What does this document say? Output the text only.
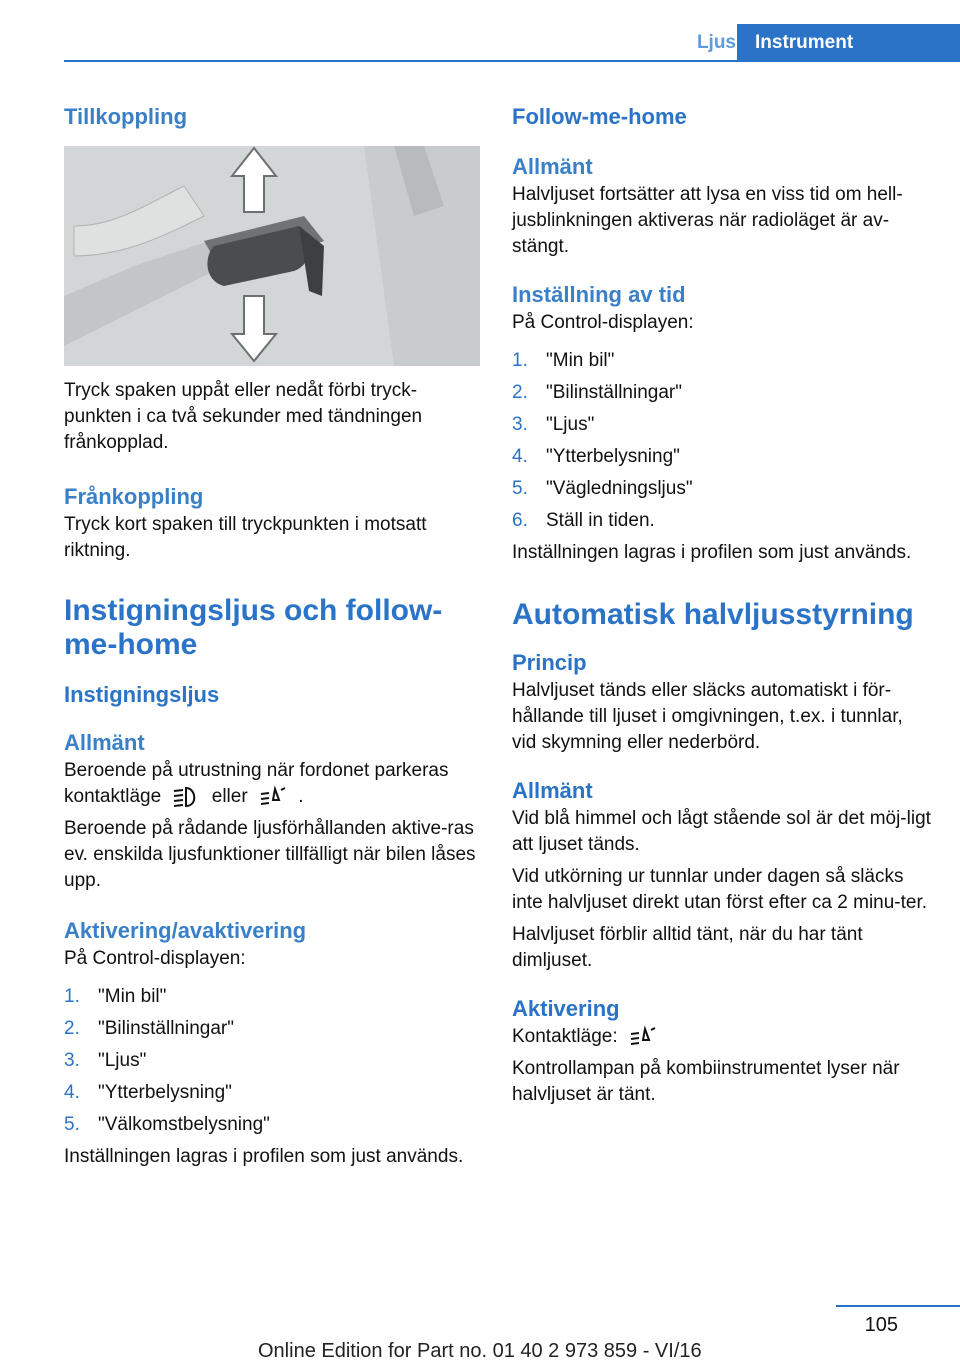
Ljus	Instrument
Tillkoppling

Tryck spaken uppåt eller nedåt förbi tryck-punkten i ca två sekunder med tändningen frånkopplad.

Frånkoppling

Tryck kort spaken till tryckpunkten i motsatt riktning.

Instigningsljus och follow-me-home
Instigningsljus
Allmänt

Beroende på utrustning när fordonet parkeras
kontaktläge	eller	.

Beroende på rådande ljusförhållanden aktive-ras ev. enskilda ljusfunktioner tillfälligt när bilen låses upp.

Aktivering/avaktivering

På Control-displayen:

1. "Min bil"
2. "Bilinställningar"
3. "Ljus"
4. "Ytterbelysning"
5. "Välkomstbelysning"

Inställningen lagras i profilen som just används.

Follow-me-home
Allmänt

Halvljuset fortsätter att lysa en viss tid om hell-jusblinkningen aktiveras när radioläget är av-stängt.

Inställning av tid

På Control-displayen:

1. "Min bil"
2. "Bilinställningar"
3. "Ljus"
4. "Ytterbelysning"
5. "Vägledningsljus"
6. Ställ in tiden.

Inställningen lagras i profilen som just används.

Automatisk halvljusstyrning
Princip

Halvljuset tänds eller släcks automatiskt i för-hållande till ljuset i omgivningen, t.ex. i tunnlar, vid skymning eller nederbörd.

Allmänt

Vid blå himmel och lågt stående sol är det möj-ligt att ljuset tänds.

Vid utkörning ur tunnlar under dagen så släcks inte halvljuset direkt utan först efter ca 2 minu-ter.

Halvljuset förblir alltid tänt, när du har tänt dimljuset.

Aktivering

Kontaktläge:

Kontrollampan på kombiinstrumentet lyser när halvljuset är tänt.

105
Online Edition for Part no. 01 40 2 973 859 - VI/16
